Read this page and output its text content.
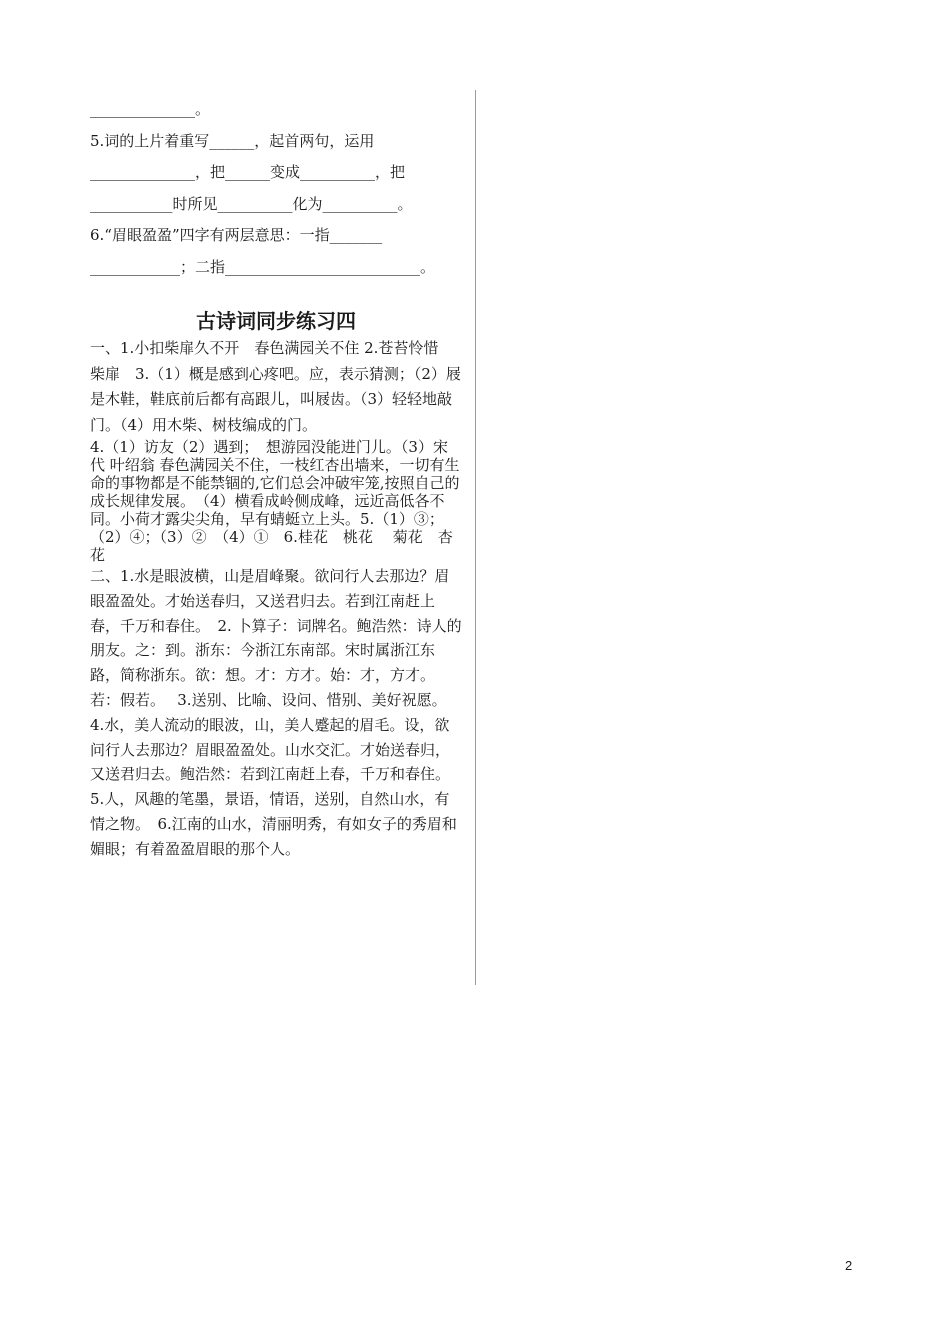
______________。

5.词的上片着重写______，起首两句，运用

______________，把______变成__________，把

___________时所见__________化为__________。

6.“眉眼盈盈”四字有两层意思：一指_______

____________；二指__________________________。

古诗词同步练习四

一、1.小扣柴扉久不开　春色满园关不住 2.苍苔怜惜　柴扉　3.（1）概是感到心疼吧。应，表示猜测；（2）屐是木鞋，鞋底前后都有高跟儿，叫屐齿。（3）轻轻地敲门。（4）用木柴、树枝编成的门。

4.（1）访友（2）遇到；　想游园没能进门儿。（3）宋代 叶绍翁 春色满园关不住，一枝红杏出墙来，一切有生命的事物都是不能禁锢的,它们总会冲破牢笼,按照自己的成长规律发展。　（4）横看成岭侧成峰，远近高低各不同。小荷才露尖尖角，早有蜻蜓立上头。5.（1）③；（2）④；（3）②　（4）①　6.桂花　桃花　 菊花　杏花

二、1.水是眼波横，山是眉峰聚。欲问行人去那边？眉眼盈盈处。才始送春归，又送君归去。若到江南赶上春，千万和春住。　2. 卜算子：词牌名。鲍浩然：诗人的朋友。之：到。浙东：今浙江东南部。宋时属浙江东路，简称浙东。欲：想。才：方才。始：才，方才。若：假若。　 3.送别、比喻、设问、惜别、美好祝愿。　4.水，美人流动的眼波，山，美人蹙起的眉毛。设，欲问行人去那边？眉眼盈盈处。山水交汇。才始送春归，又送君归去。鲍浩然：若到江南赶上春，千万和春住。　5.人，风趣的笔墨，景语，情语，送别，自然山水，有情之物。　6.江南的山水，清丽明秀，有如女子的秀眉和媚眼；有着盈盈眉眼的那个人。

2
